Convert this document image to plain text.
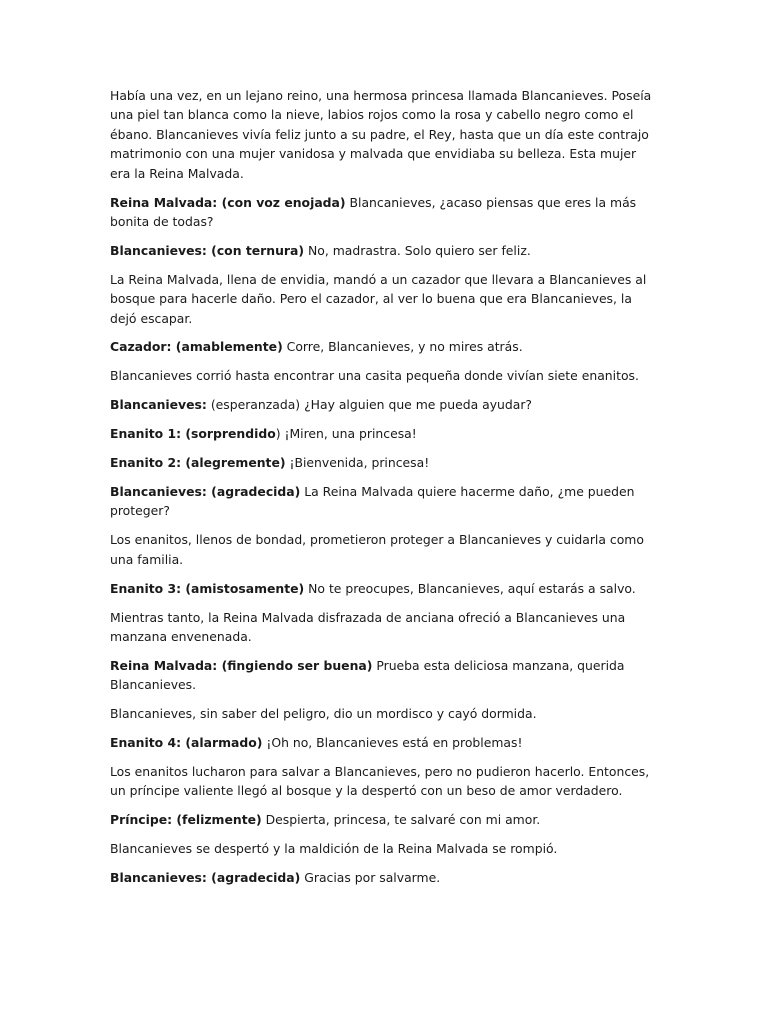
Había una vez, en un lejano reino, una hermosa princesa llamada Blancanieves. Poseía una piel tan blanca como la nieve, labios rojos como la rosa y cabello negro como el ébano. Blancanieves vivía feliz junto a su padre, el Rey, hasta que un día este contrajo matrimonio con una mujer vanidosa y malvada que envidiaba su belleza. Esta mujer era la Reina Malvada.

Reina Malvada: (con voz enojada) Blancanieves, ¿acaso piensas que eres la más bonita de todas?

Blancanieves: (con ternura) No, madrastra. Solo quiero ser feliz.

La Reina Malvada, llena de envidia, mandó a un cazador que llevara a Blancanieves al bosque para hacerle daño. Pero el cazador, al ver lo buena que era Blancanieves, la dejó escapar.

Cazador: (amablemente) Corre, Blancanieves, y no mires atrás.

Blancanieves corrió hasta encontrar una casita pequeña donde vivían siete enanitos.

Blancanieves: (esperanzada) ¿Hay alguien que me pueda ayudar?

Enanito 1: (sorprendido) ¡Miren, una princesa!

Enanito 2: (alegremente) ¡Bienvenida, princesa!

Blancanieves: (agradecida) La Reina Malvada quiere hacerme daño, ¿me pueden proteger?

Los enanitos, llenos de bondad, prometieron proteger a Blancanieves y cuidarla como una familia.

Enanito 3: (amistosamente) No te preocupes, Blancanieves, aquí estarás a salvo.

Mientras tanto, la Reina Malvada disfrazada de anciana ofreció a Blancanieves una manzana envenenada.

Reina Malvada: (fingiendo ser buena) Prueba esta deliciosa manzana, querida Blancanieves.

Blancanieves, sin saber del peligro, dio un mordisco y cayó dormida.

Enanito 4: (alarmado) ¡Oh no, Blancanieves está en problemas!

Los enanitos lucharon para salvar a Blancanieves, pero no pudieron hacerlo. Entonces, un príncipe valiente llegó al bosque y la despertó con un beso de amor verdadero.

Príncipe: (felizmente) Despierta, princesa, te salvaré con mi amor.

Blancanieves se despertó y la maldición de la Reina Malvada se rompió.

Blancanieves: (agradecida) Gracias por salvarme.
